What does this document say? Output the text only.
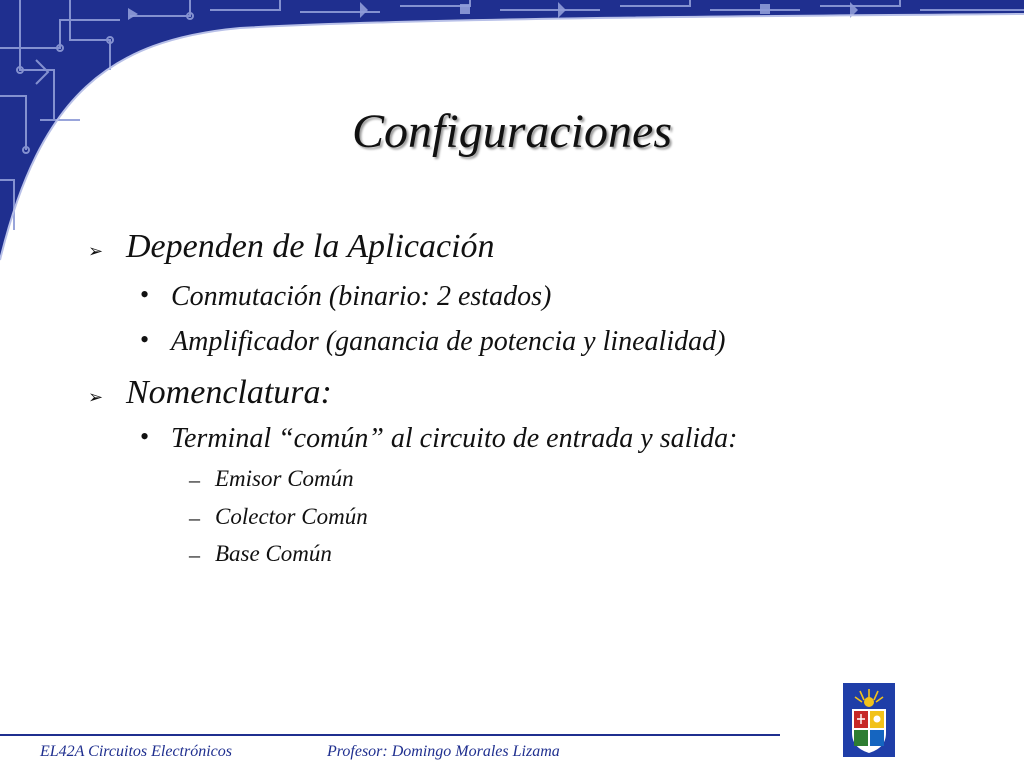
Configuraciones
➢ Dependen de la Aplicación
• Conmutación (binario: 2 estados)
• Amplificador (ganancia de potencia y linealidad)
➢ Nomenclatura:
• Terminal “común” al circuito de entrada y salida:
– Emisor Común
– Colector Común
– Base Común
EL42A Circuitos Electrónicos	Profesor: Domingo Morales Lizama
